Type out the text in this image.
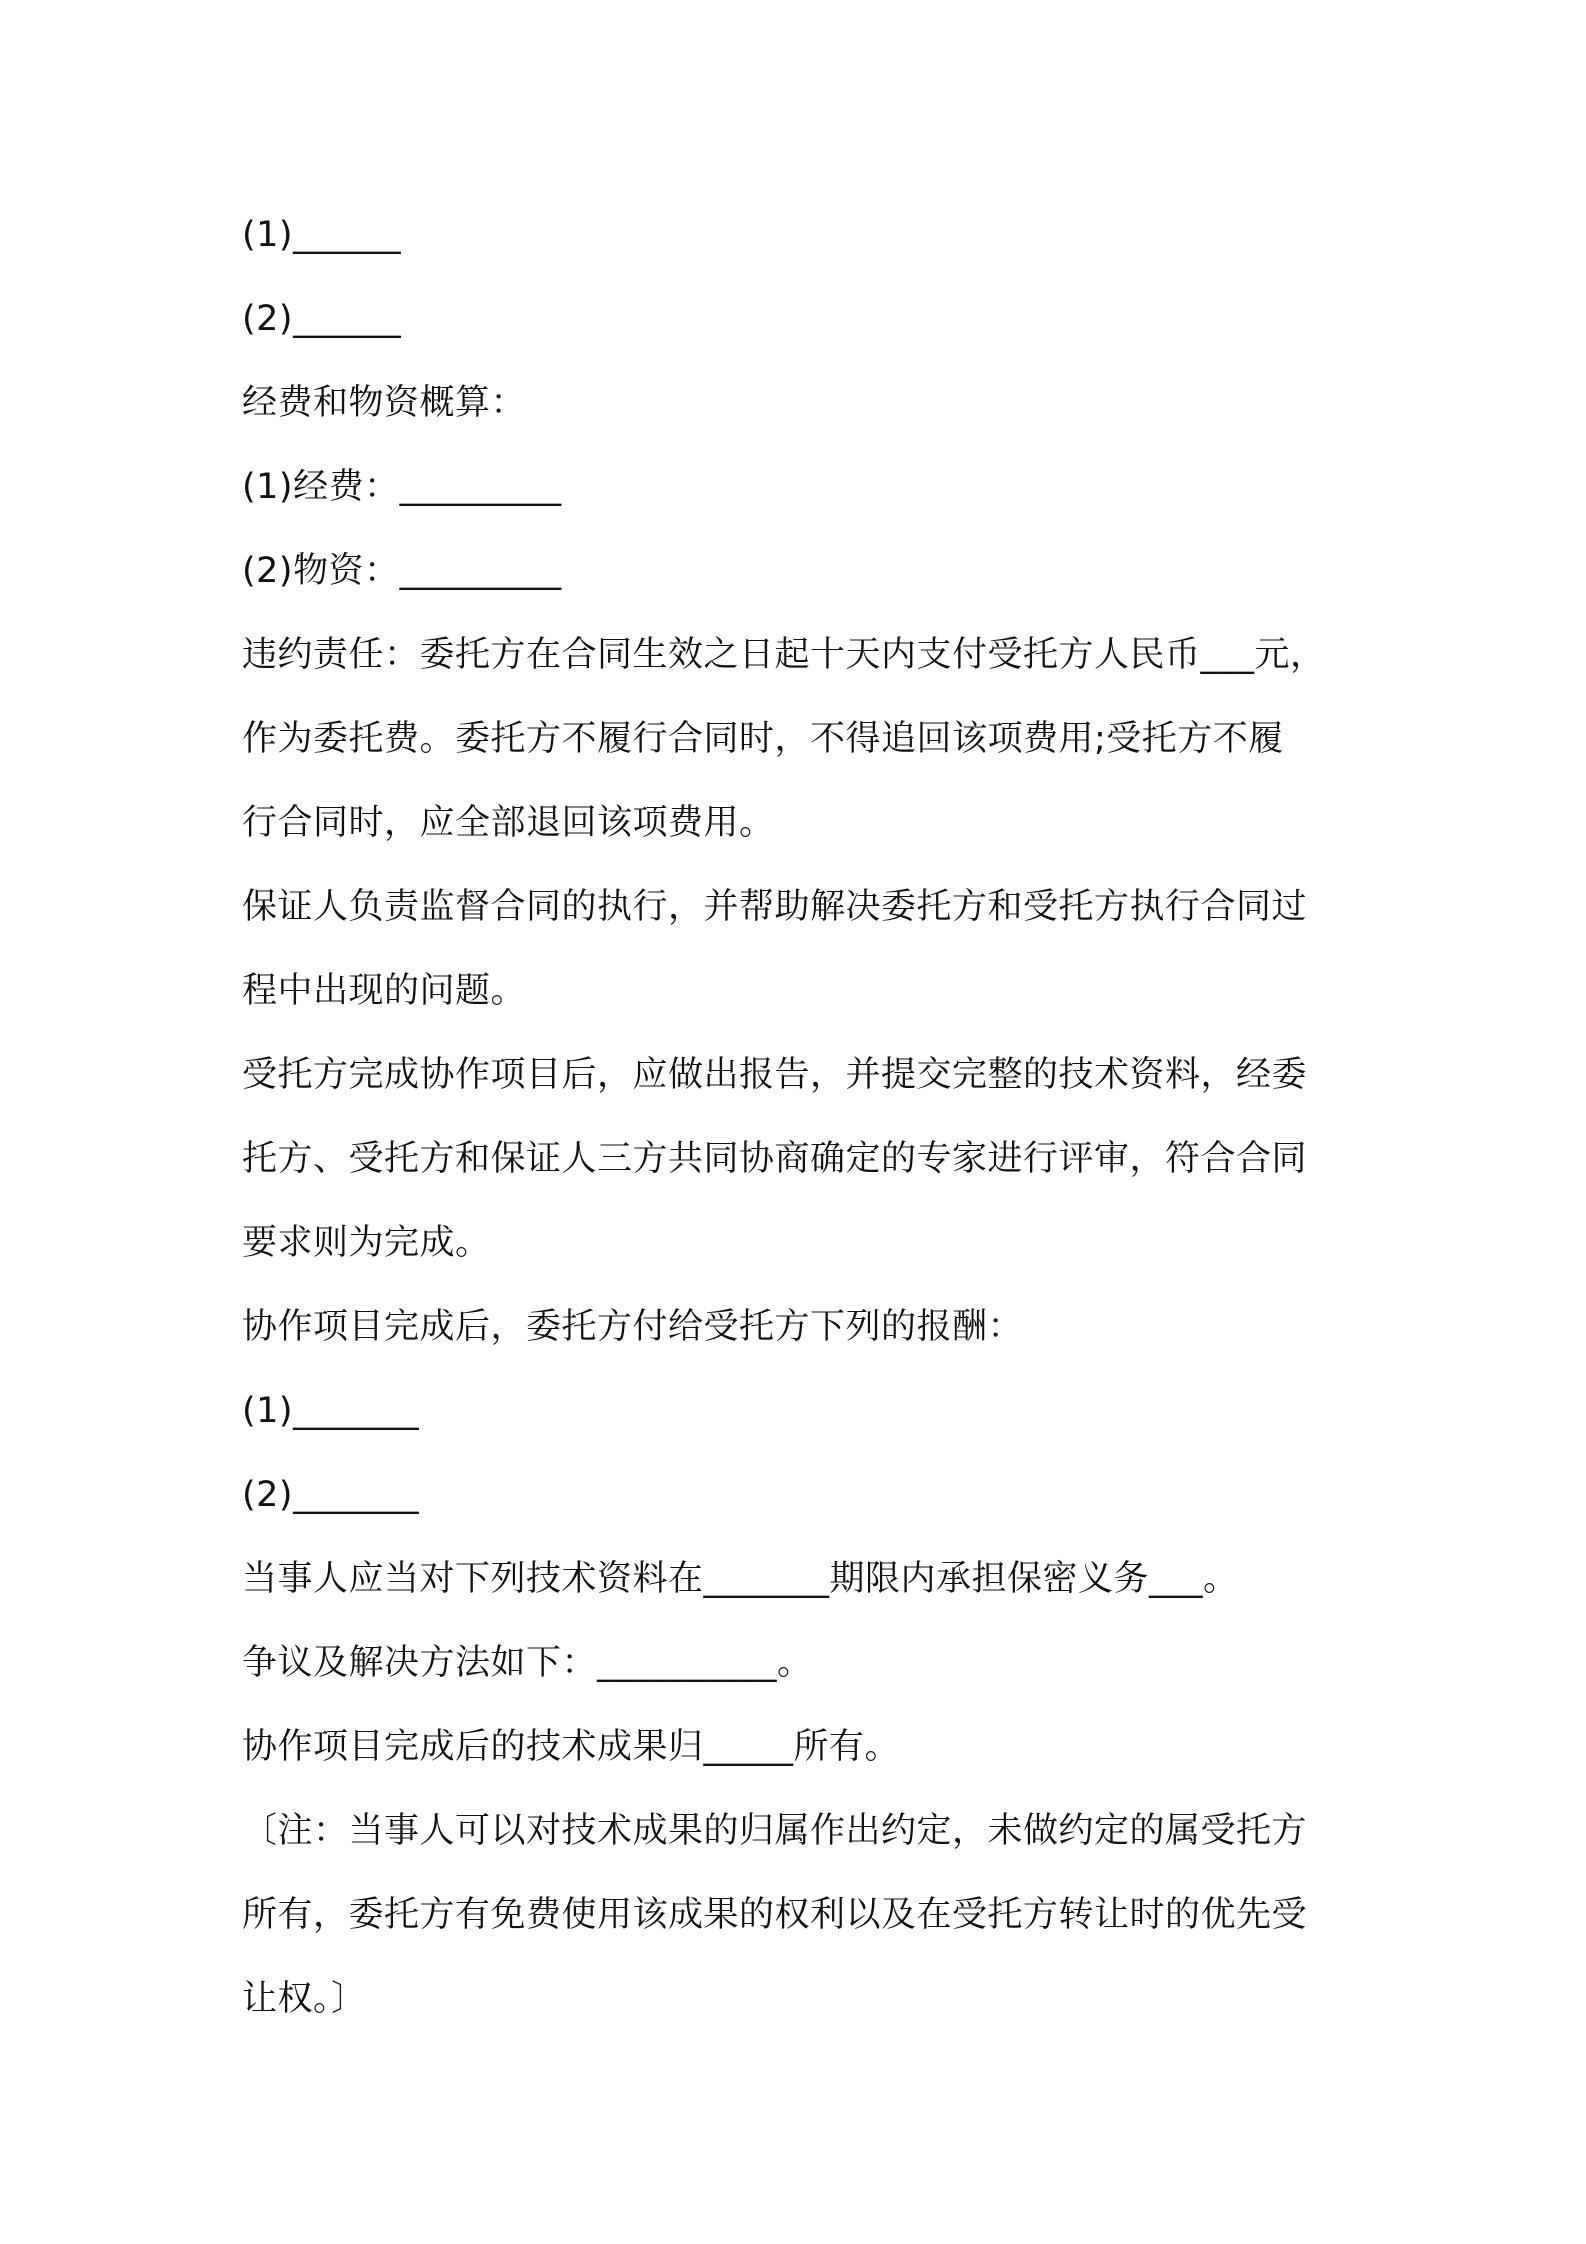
(1)______
(2)______
经费和物资概算：
(1)经费：_________
(2)物资：_________
违约责任：委托方在合同生效之日起十天内支付受托方人民币___元，
作为委托费。委托方不履行合同时，不得追回该项费用;受托方不履
行合同时，应全部退回该项费用。
保证人负责监督合同的执行，并帮助解决委托方和受托方执行合同过
程中出现的问题。
受托方完成协作项目后，应做出报告，并提交完整的技术资料，经委
托方、受托方和保证人三方共同协商确定的专家进行评审，符合合同
要求则为完成。
协作项目完成后，委托方付给受托方下列的报酬：
(1)_______
(2)_______
当事人应当对下列技术资料在_______期限内承担保密义务___。
争议及解决方法如下：__________。
协作项目完成后的技术成果归_____所有。
〔注：当事人可以对技术成果的归属作出约定，未做约定的属受托方
所有，委托方有免费使用该成果的权利以及在受托方转让时的优先受
让权。〕
